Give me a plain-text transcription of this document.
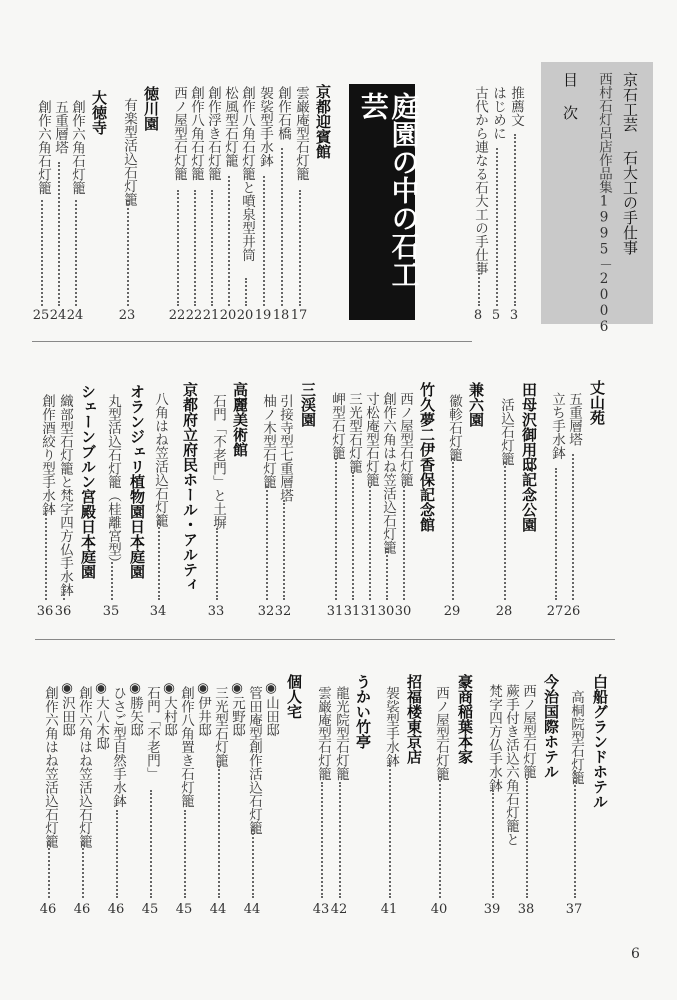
京石工芸 石大工の手仕事
西村石灯呂店作品集1995－2006
目 次
推薦文
3
はじめに
5
古代から連なる石大工の手仕事
8
庭園の中の石工芸
京都迎賓館
雲巌庵型石灯籠
17
創作石橋
18
袈裟型手水鉢
19
創作八角石灯籠と噴泉型井筒
20
松風型石灯籠
20
創作浮き石灯籠
21
創作八角石灯籠
22
西ノ屋型石灯籠
22
徳川園
有楽型活込石灯籠
23
大徳寺
創作六角石灯籠
24
五重層塔
24
創作六角石灯籠
25
丈山苑
五重層塔
26
立ち手水鉢
27
田母沢御用邸記念公園
活込石灯籠
28
兼六園
徽軫石灯籠
29
竹久夢二伊香保記念館
西ノ屋型石灯籠
30
創作六角はね笠活込石灯籠
30
寸松庵型石灯籠
31
三光型石灯籠
31
岬型石灯籠
31
三渓園
引接寺型七重層塔
32
柚ノ木型石灯籠
32
高麗美術館
石門「不老門」と土塀
33
京都府立府民ホール・アルティ
八角はね笠活込石灯籠
34
オランジェリ植物園日本庭園
丸型活込石灯籠（桂離宮型）
35
シェーンブルン宮殿日本庭園
織部型石灯籠と梵字四方仏手水鉢
36
創作酒絞り型手水鉢
36
白船グランドホテル
高桐院型石灯籠
37
今治国際ホテル
西ノ屋型石灯籠
38
蕨手付き活込六角石灯籠と
梵字四方仏手水鉢
39
豪商稲葉本家
西ノ屋型石灯籠
40
招福楼東京店
袈裟型手水鉢
41
うかい竹亭
龍光院型石灯籠
42
雲巌庵型石灯籠
43
個人宅
◉山田邸
管田庵型創作活込石灯籠
44
◉元野邸
三光型石灯籠
44
◉伊井邸
創作八角置き石灯籠
45
◉大村邸
石門「不老門」
45
◉勝矢邸
ひさご型自然手水鉢
46
◉大八木邸
創作六角はね笠活込石灯籠
46
◉沢田邸
創作六角はね笠活込石灯籠
46
6
